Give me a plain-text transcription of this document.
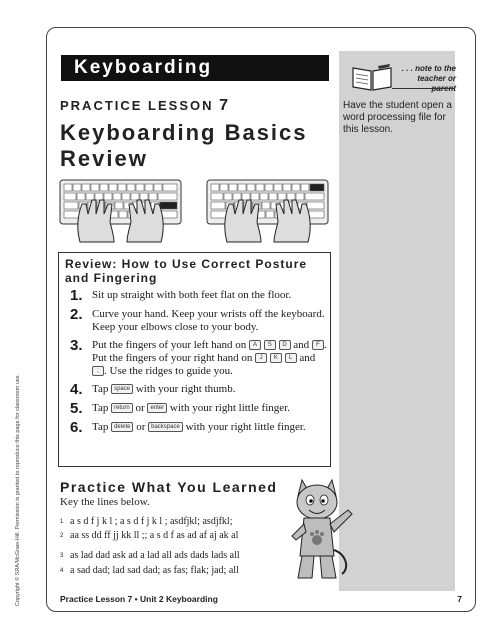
. . . note to the teacher or parent
Have the student open a word processing file for this lesson.
Keyboarding
PRACTICE LESSON 7
Keyboarding Basics Review
Review: How to Use Correct Posture and Fingering
1. Sit up straight with both feet flat on the floor.
2. Curve your hand. Keep your wrists off the keyboard. Keep your elbows close to your body.
3. Put the fingers of your left hand on A S D and F . Put the fingers of your right hand on J K L and ; . Use the ridges to guide you.
4. Tap space with your right thumb.
5. Tap return or enter with your right little finger.
6. Tap delete or backspace with your right little finger.
Practice What You Learned
Key the lines below.
1 a s d f j k l ; a s d f j k l ; asdfjkl; asdjfkl;
2 aa ss dd ff jj kk ll ;; a s d f as ad af aj ak al
3 as lad dad ask ad a lad all ads dads lads all
4 a sad dad; lad sad dad; as fas; flak; jad; all
Practice Lesson 7 • Unit 2 Keyboarding	7
Copyright © SRA/McGraw-Hill. Permission is granted to reproduce this page for classroom use.
